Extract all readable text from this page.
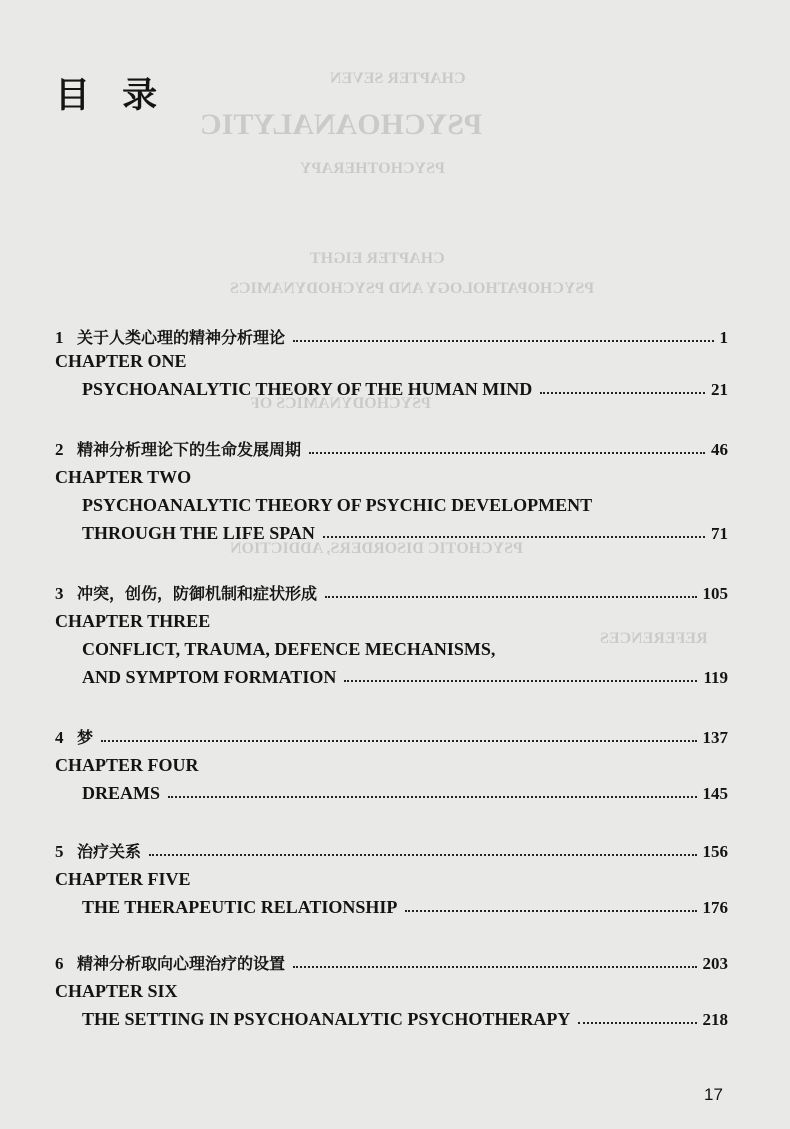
PSYCHOANALYTIC
CHAPTER SEVEN
PSYCHOTHERAPY
CHAPTER EIGHT
PSYCHOPATHOLOGY AND PSYCHODYNAMICS
PSYCHODYNAMICS OF
PSYCHOTIC DISORDERS, ADDICTION
REFERENCES
目 录
1 关于人类心理的精神分析理论	1
CHAPTER ONE
PSYCHOANALYTIC THEORY OF THE HUMAN MIND	21
2 精神分析理论下的生命发展周期	46
CHAPTER TWO
PSYCHOANALYTIC THEORY OF PSYCHIC DEVELOPMENT
THROUGH THE LIFE SPAN	71
3 冲突，创伤，防御机制和症状形成	105
CHAPTER THREE
CONFLICT, TRAUMA, DEFENCE MECHANISMS,
AND SYMPTOM FORMATION	119
4 梦	137
CHAPTER FOUR
DREAMS	145
5 治疗关系	156
CHAPTER FIVE
THE THERAPEUTIC RELATIONSHIP	176
6 精神分析取向心理治疗的设置	203
CHAPTER SIX
THE SETTING IN PSYCHOANALYTIC PSYCHOTHERAPY	218
17
